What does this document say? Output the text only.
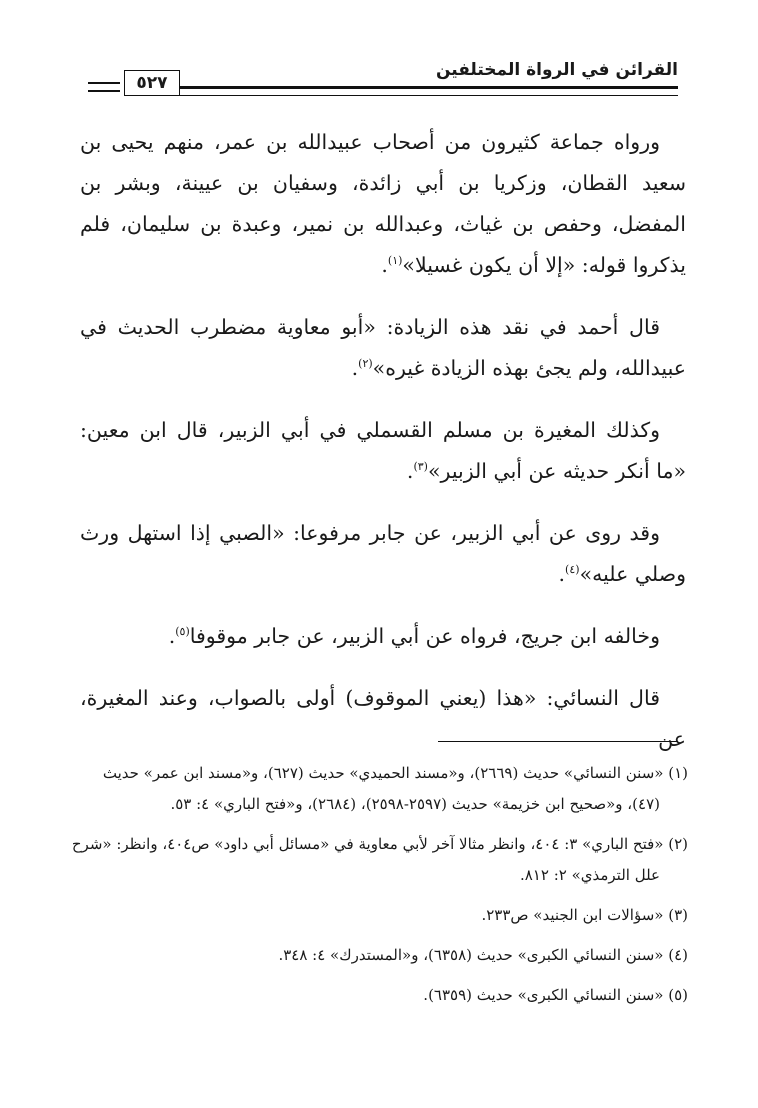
القرائن في الرواة المختلفين
٥٢٧

ورواه جماعة كثيرون من أصحاب عبيدالله بن عمر، منهم يحيى بن سعيد القطان، وزكريا بن أبي زائدة، وسفيان بن عيينة، وبشر بن المفضل، وحفص بن غياث، وعبدالله بن نمير، وعبدة بن سليمان، فلم يذكروا قوله: «إلا أن يكون غسيلا»$^{(١)}$.

قال أحمد في نقد هذه الزيادة: «أبو معاوية مضطرب الحديث في عبيدالله، ولم يجئ بهذه الزيادة غيره»$^{(٢)}$.

وكذلك المغيرة بن مسلم القسملي في أبي الزبير، قال ابن معين: «ما أنكر حديثه عن أبي الزبير»$^{(٣)}$.

وقد روى عن أبي الزبير، عن جابر مرفوعا: «الصبي إذا استهل ورث وصلي عليه»$^{(٤)}$.

وخالفه ابن جريج، فرواه عن أبي الزبير، عن جابر موقوفا$^{(٥)}$.

قال النسائي: «هذا (يعني الموقوف) أولى بالصواب، وعند المغيرة، عن

(١) «سنن النسائي» حديث (٢٦٦٩)، و«مسند الحميدي» حديث (٦٢٧)، و«مسند ابن عمر» حديث (٤٧)، و«صحيح ابن خزيمة» حديث (٢٥٩٧-٢٥٩٨)، (٢٦٨٤)، و«فتح الباري» ٤: ٥٣.

(٢) «فتح الباري» ٣: ٤٠٤، وانظر مثالا آخر لأبي معاوية في «مسائل أبي داود» ص٤٠٤، وانظر: «شرح علل الترمذي» ٢: ٨١٢.

(٣) «سؤالات ابن الجنيد» ص٢٣٣.

(٤) «سنن النسائي الكبرى» حديث (٦٣٥٨)، و«المستدرك» ٤: ٣٤٨.

(٥) «سنن النسائي الكبرى» حديث (٦٣٥٩).
